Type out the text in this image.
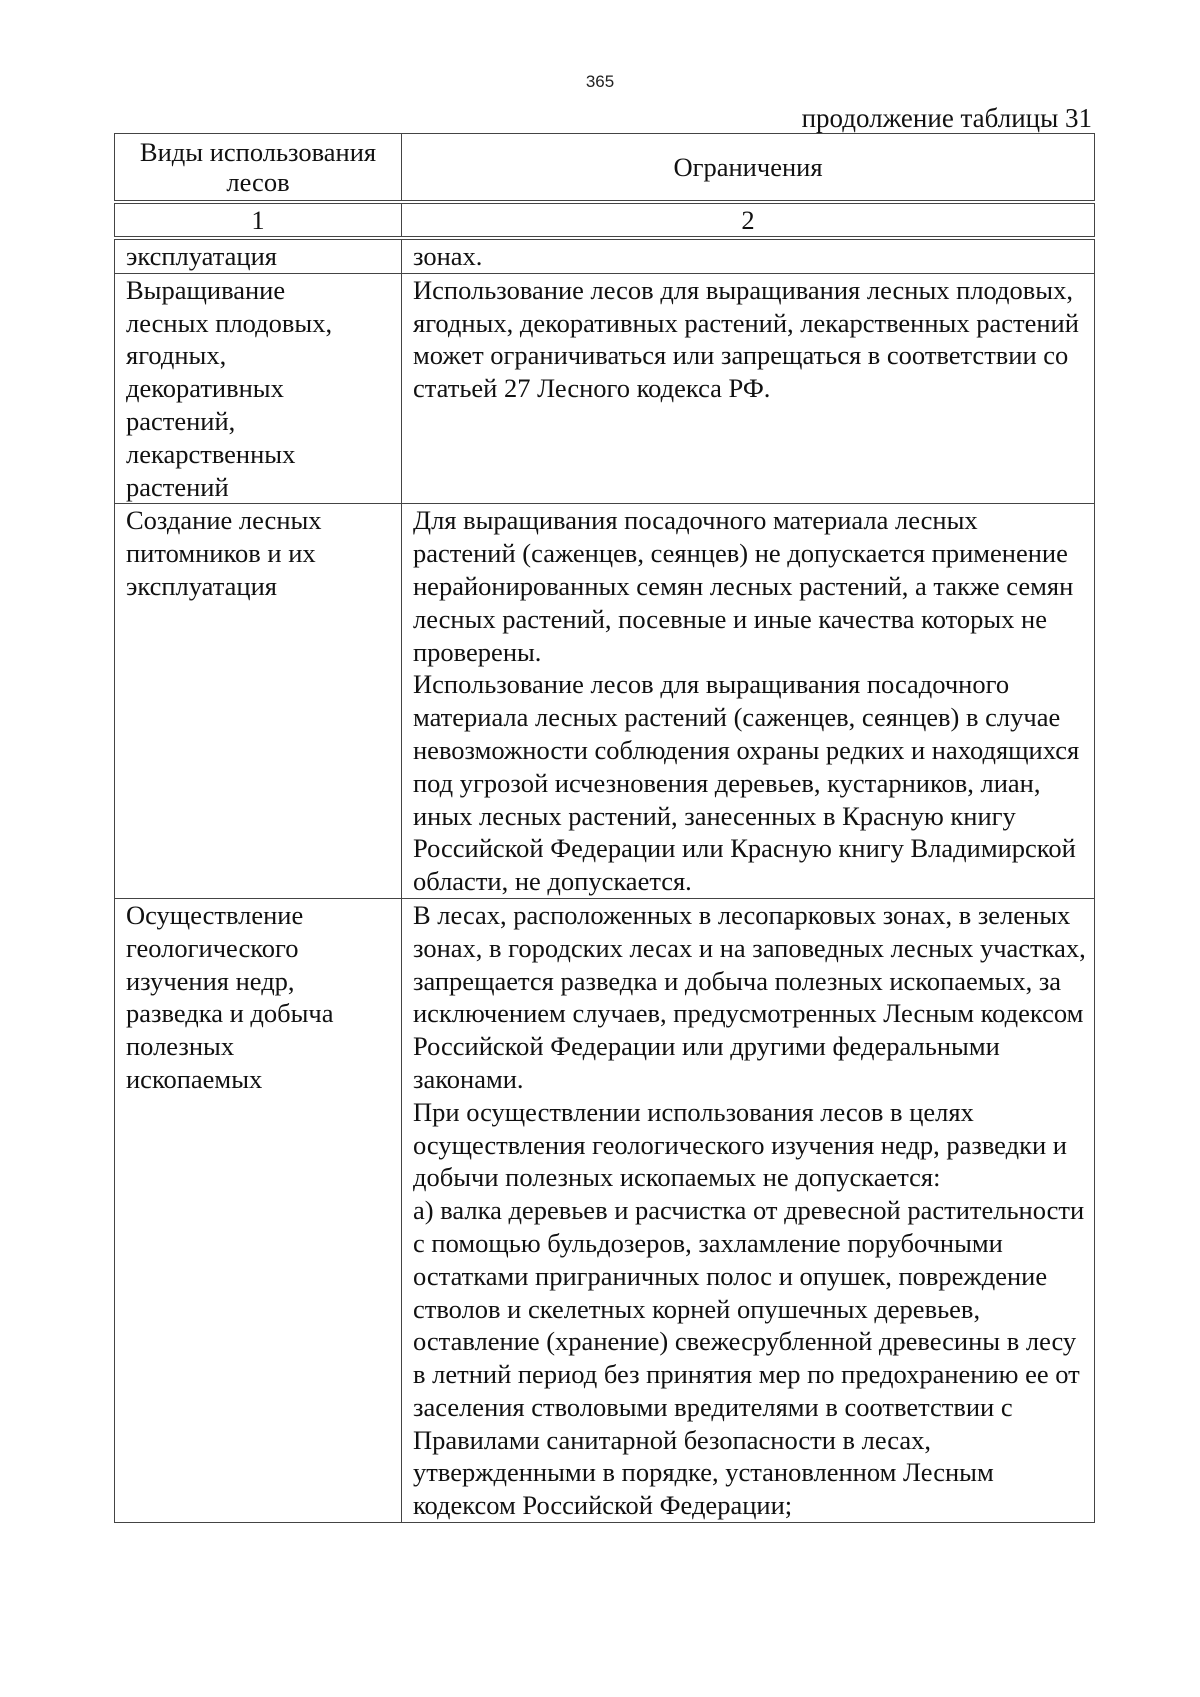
365
продолжение таблицы 31
Виды использования лесов	Ограничения
1	2
эксплуатация	зонах.

Выращивание лесных плодовых, ягодных, декоративных растений, лекарственных растений	Использование лесов для выращивания лесных плодовых, ягодных, декоративных растений, лекарственных растений может ограничиваться или запрещаться в соответствии со статьей 27 Лесного кодекса РФ.

Создание лесных питомников и их эксплуатация	Для выращивания посадочного материала лесных растений (саженцев, сеянцев) не допускается применение нерайонированных семян лесных растений, а также семян лесных растений, посевные и иные качества которых не проверены.
Использование лесов для выращивания посадочного материала лесных растений (саженцев, сеянцев) в случае невозможности соблюдения охраны редких и находящихся под угрозой исчезновения деревьев, кустарников, лиан, иных лесных растений, занесенных в Красную книгу Российской Федерации или Красную книгу Владимирской области, не допускается.

Осуществление геологического изучения недр, разведка и добыча полезных ископаемых	В лесах, расположенных в лесопарковых зонах, в зеленых зонах, в городских лесах и на заповедных лесных участках, запрещается разведка и добыча полезных ископаемых, за исключением случаев, предусмотренных Лесным кодексом Российской Федерации или другими федеральными законами.
При осуществлении использования лесов в целях осуществления геологического изучения недр, разведки и добычи полезных ископаемых не допускается:
а) валка деревьев и расчистка от древесной растительности с помощью бульдозеров, захламление порубочными остатками приграничных полос и опушек, повреждение стволов и скелетных корней опушечных деревьев, оставление (хранение) свежесрубленной древесины в лесу в летний период без принятия мер по предохранению ее от заселения стволовыми вредителями в соответствии с Правилами санитарной безопасности в лесах, утвержденными в порядке, установленном Лесным кодексом Российской Федерации;
